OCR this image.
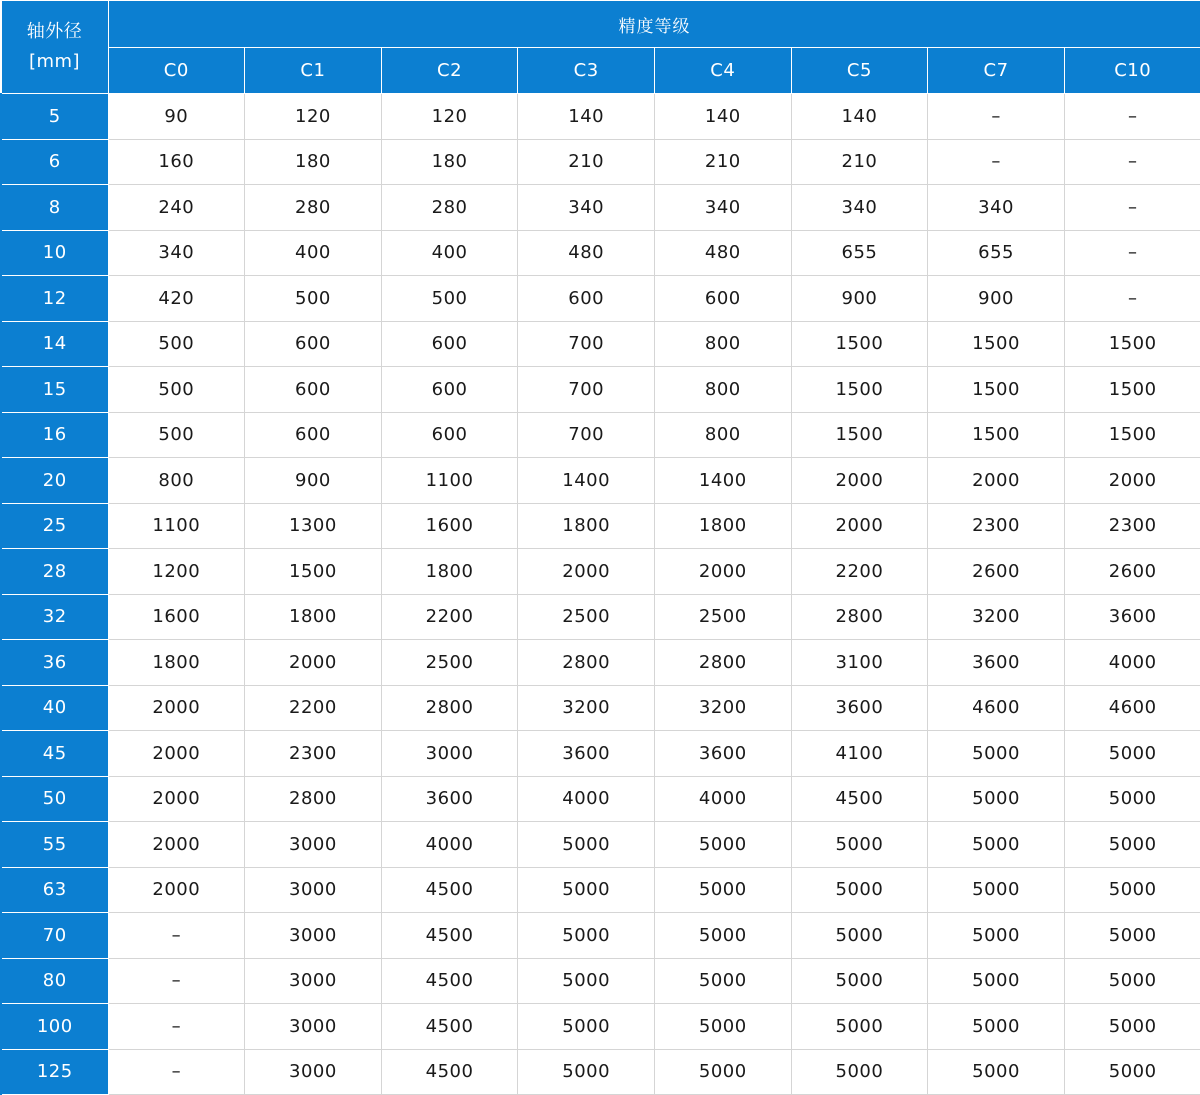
轴外径
[mm]	精度等级							
	C0	C1	C2	C3	C4	C5	C7	C10
5	90	120	120	140	140	140	–	–
6	160	180	180	210	210	210	–	–
8	240	280	280	340	340	340	340	–
10	340	400	400	480	480	655	655	–
12	420	500	500	600	600	900	900	–
14	500	600	600	700	800	1500	1500	1500
15	500	600	600	700	800	1500	1500	1500
16	500	600	600	700	800	1500	1500	1500
20	800	900	1100	1400	1400	2000	2000	2000
25	1100	1300	1600	1800	1800	2000	2300	2300
28	1200	1500	1800	2000	2000	2200	2600	2600
32	1600	1800	2200	2500	2500	2800	3200	3600
36	1800	2000	2500	2800	2800	3100	3600	4000
40	2000	2200	2800	3200	3200	3600	4600	4600
45	2000	2300	3000	3600	3600	4100	5000	5000
50	2000	2800	3600	4000	4000	4500	5000	5000
55	2000	3000	4000	5000	5000	5000	5000	5000
63	2000	3000	4500	5000	5000	5000	5000	5000
70	–	3000	4500	5000	5000	5000	5000	5000
80	–	3000	4500	5000	5000	5000	5000	5000
100	–	3000	4500	5000	5000	5000	5000	5000
125	–	3000	4500	5000	5000	5000	5000	5000
